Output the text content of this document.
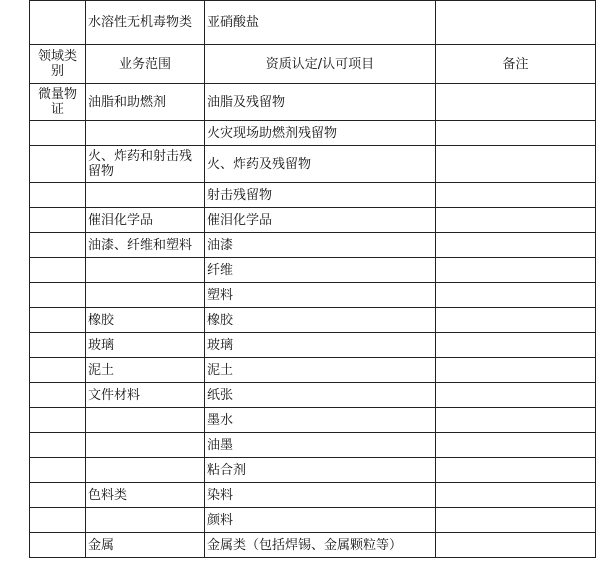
	水溶性无机毒物类	亚硝酸盐	
领域类别	业务范围	资质认定/认可项目	备注
微量物证	油脂和助燃剂	油脂及残留物	
		火灾现场助燃剂残留物	
	火、炸药和射击残留物	火、炸药及残留物	
		射击残留物	
	催泪化学品	催泪化学品	
	油漆、纤维和塑料	油漆	
		纤维	
		塑料	
	橡胶	橡胶	
	玻璃	玻璃	
	泥土	泥土	
	文件材料	纸张	
		墨水	
		油墨	
		粘合剂	
	色料类	染料	
		颜料	
	金属	金属类（包括焊锡、金属颗粒等）	
